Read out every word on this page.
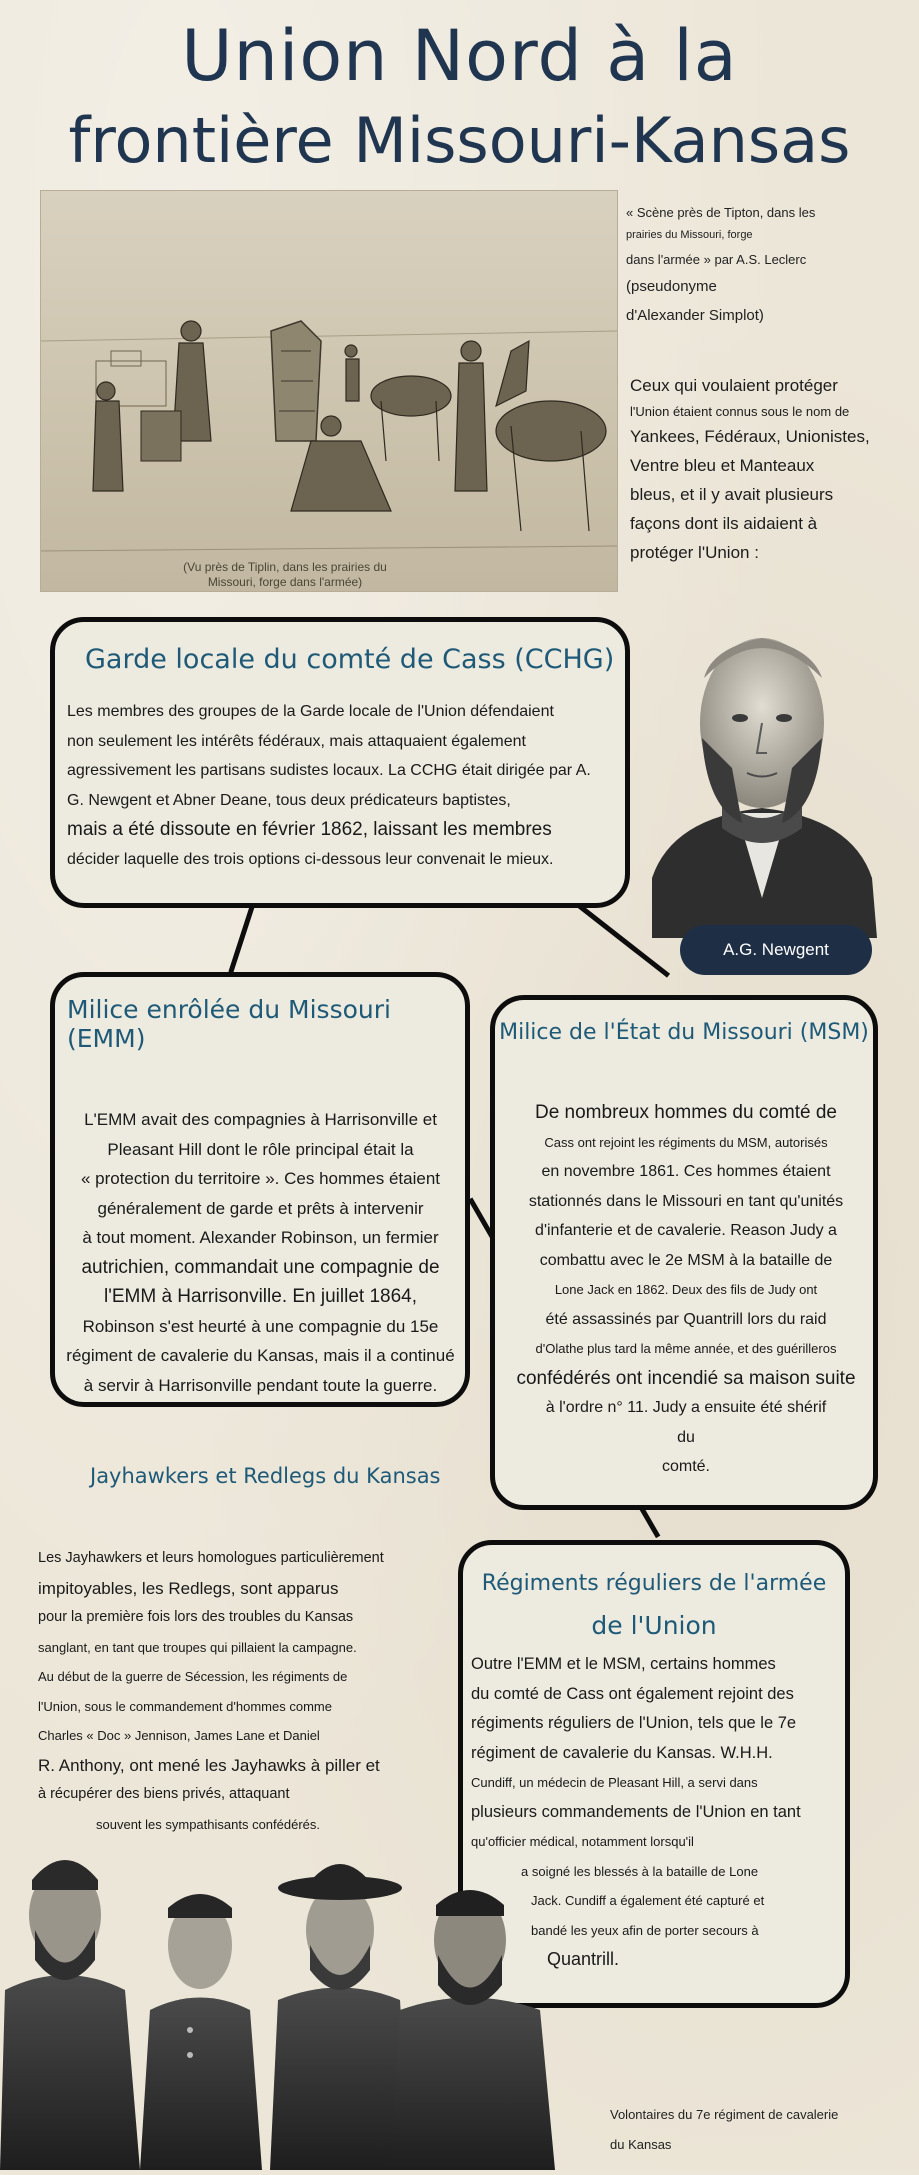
Union Nord à la
frontière Missouri-Kansas
(Vu près de Tiplin, dans les prairies du
Missouri, forge dans l'armée)
« Scène près de Tipton, dans les
prairies du Missouri, forge
dans l'armée » par A.S. Leclerc
(pseudonyme
d'Alexander Simplot)
Ceux qui voulaient protéger
l'Union étaient connus sous le nom de
Yankees, Fédéraux, Unionistes,
Ventre bleu et Manteaux
bleus, et il y avait plusieurs
façons dont ils aidaient à
protéger l'Union :
A.G. Newgent
Garde locale du comté de Cass (CCHG)

Les membres des groupes de la Garde locale de l'Union défendaient

non seulement les intérêts fédéraux, mais attaquaient également

agressivement les partisans sudistes locaux. La CCHG était dirigée par A.

G. Newgent et Abner Deane, tous deux prédicateurs baptistes,

mais a été dissoute en février 1862, laissant les membres

décider laquelle des trois options ci-dessous leur convenait le mieux.

Milice enrôlée du Missouri (EMM)

L'EMM avait des compagnies à Harrisonville et

Pleasant Hill dont le rôle principal était la

« protection du territoire ». Ces hommes étaient

généralement de garde et prêts à intervenir

à tout moment. Alexander Robinson, un fermier

autrichien, commandait une compagnie de

l'EMM à Harrisonville. En juillet 1864,

Robinson s'est heurté à une compagnie du 15e

régiment de cavalerie du Kansas, mais il a continué

à servir à Harrisonville pendant toute la guerre.

Milice de l'État du Missouri (MSM)

De nombreux hommes du comté de

Cass ont rejoint les régiments du MSM, autorisés

en novembre 1861. Ces hommes étaient

stationnés dans le Missouri en tant qu'unités

d'infanterie et de cavalerie. Reason Judy a

combattu avec le 2e MSM à la bataille de

Lone Jack en 1862. Deux des fils de Judy ont

été assassinés par Quantrill lors du raid

d'Olathe plus tard la même année, et des guérilleros

confédérés ont incendié sa maison suite

à l'ordre n° 11. Judy a ensuite été shérif

du

comté.

Jayhawkers et Redlegs du Kansas
Les Jayhawkers et leurs homologues particulièrement
impitoyables, les Redlegs, sont apparus
pour la première fois lors des troubles du Kansas
sanglant, en tant que troupes qui pillaient la campagne.
Au début de la guerre de Sécession, les régiments de
l'Union, sous le commandement d'hommes comme
Charles « Doc » Jennison, James Lane et Daniel
R. Anthony, ont mené les Jayhawks à piller et
à récupérer des biens privés, attaquant
souvent les sympathisants confédérés.
Régiments réguliers de l'armée
de l'Union

Outre l'EMM et le MSM, certains hommes

du comté de Cass ont également rejoint des

régiments réguliers de l'Union, tels que le 7e

régiment de cavalerie du Kansas. W.H.H.

Cundiff, un médecin de Pleasant Hill, a servi dans

plusieurs commandements de l'Union en tant

qu'officier médical, notamment lorsqu'il

a soigné les blessés à la bataille de Lone

Jack. Cundiff a également été capturé et

bandé les yeux afin de porter secours à

Quantrill.

Volontaires du 7e régiment de cavalerie
du Kansas
